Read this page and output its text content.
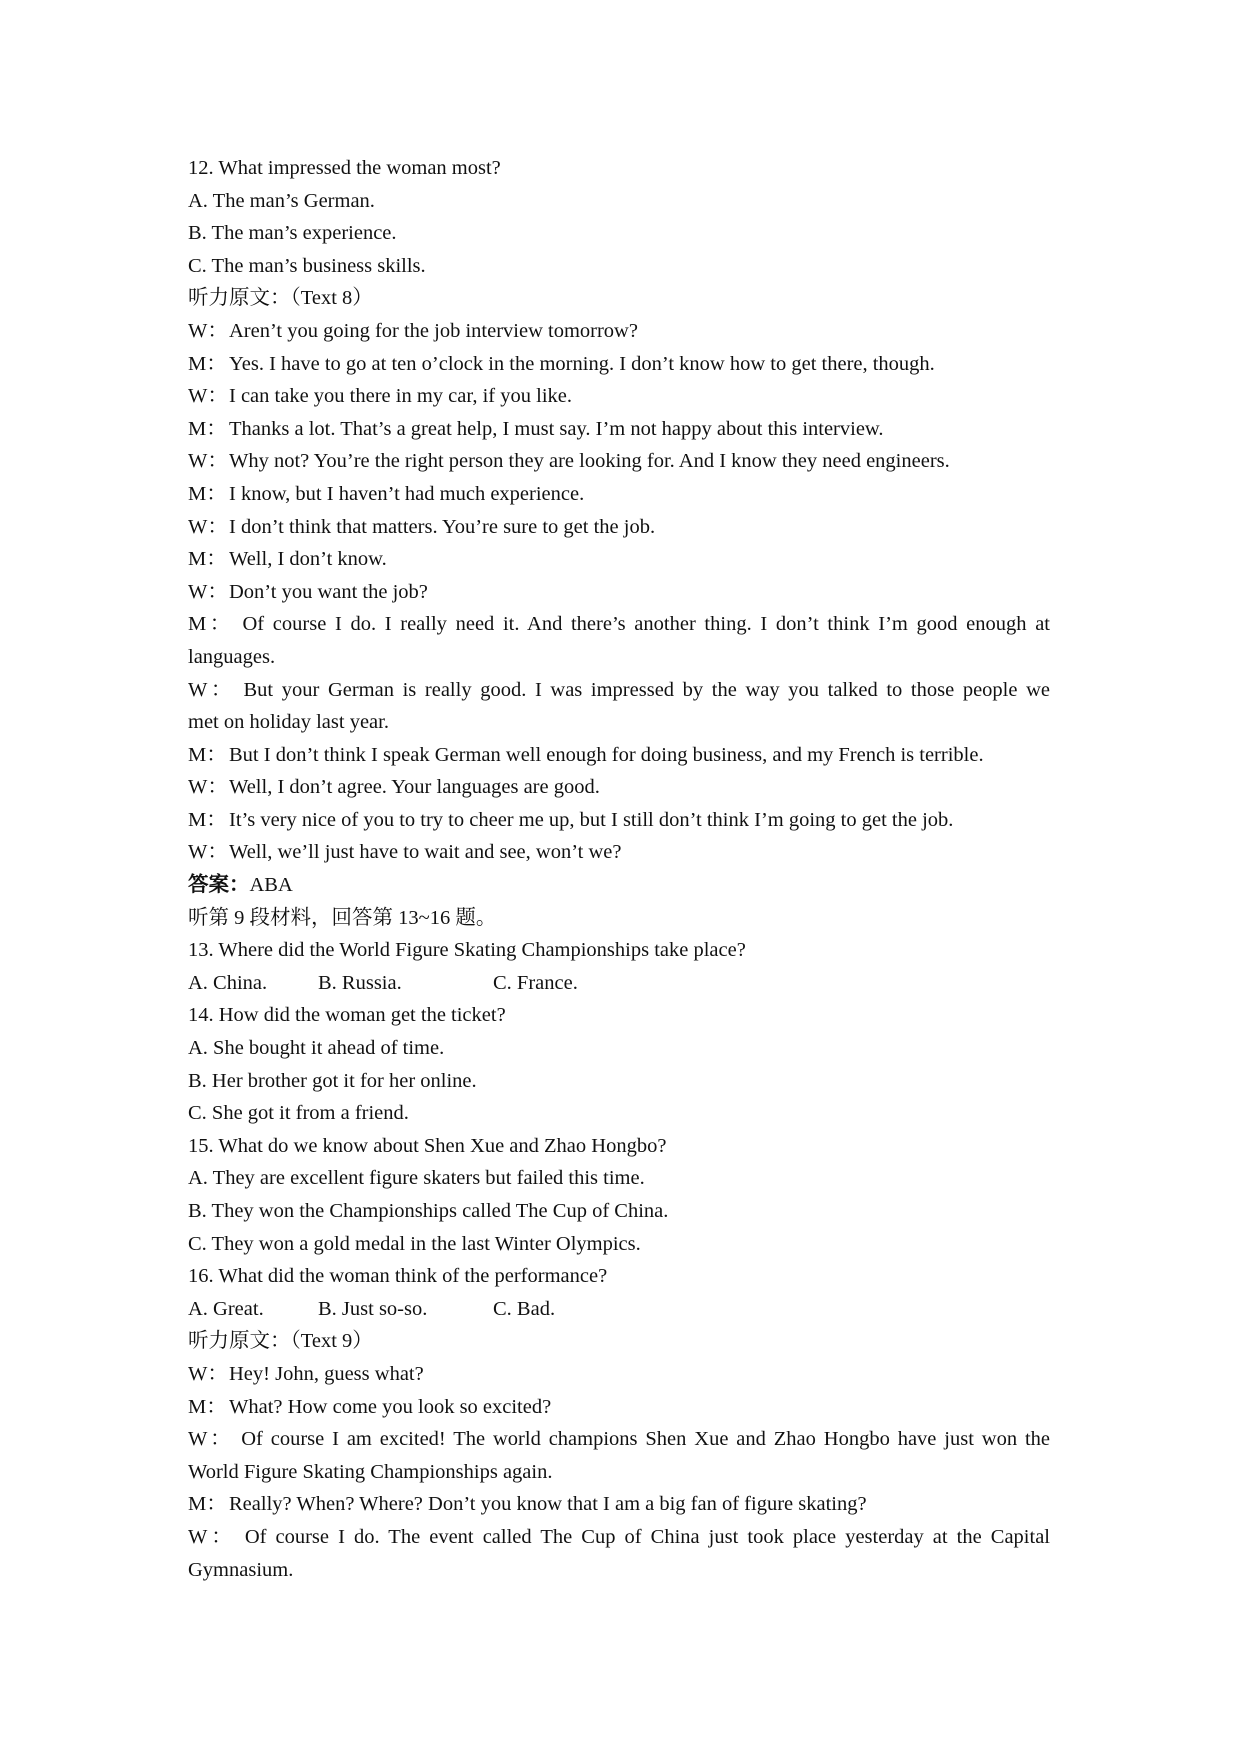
12. What impressed the woman most?
A. The man’s German.
B. The man’s experience.
C. The man’s business skills.
听力原文：（Text 8）
W：Aren’t you going for the job interview tomorrow?
M： Yes. I have to go at ten o’clock in the morning. I don’t know how to get there, though.
W：I can take you there in my car, if you like.
M： Thanks a lot. That’s a great help, I must say. I’m not happy about this interview.
W：Why not? You’re the right person they are looking for. And I know they need engineers.
M： I know, but I haven’t had much experience.
W：I don’t think that matters. You’re sure to get the job.
M： Well, I don’t know.
W：Don’t you want the job?
M： Of course I do. I really need it. And there’s another thing. I don’t think I’m good enough at
languages.
W： But your German is really good. I was impressed by the way you talked to those people we
met on holiday last year.
M： But I don’t think I speak German well enough for doing business, and my French is terrible.
W：Well, I don’t agree. Your languages are good.
M： It’s very nice of you to try to cheer me up, but I still don’t think I’m going to get the job.
W：Well, we’ll just have to wait and see, won’t we?
答案：ABA
听第 9 段材料，回答第 13~16 题。
13. Where did the World Figure Skating Championships take place?
A. China. B. Russia.	C. France.
14. How did the woman get the ticket?
A. She bought it ahead of time.
B. Her brother got it for her online.
C. She got it from a friend.
15. What do we know about Shen Xue and Zhao Hongbo?
A. They are excellent figure skaters but failed this time.
B. They won the Championships called The Cup of China.
C. They won a gold medal in the last Winter Olympics.
16. What did the woman think of the performance?
A. Great.	B. Just so-so.	C. Bad.
听力原文：（Text 9）
W：Hey! John, guess what?
M： What? How come you look so excited?
W： Of course I am excited! The world champions Shen Xue and Zhao Hongbo have just won the
World Figure Skating Championships again.
M： Really? When? Where? Don’t you know that I am a big fan of figure skating?
W： Of course I do. The event called The Cup of China just took place yesterday at the Capital
Gymnasium.
